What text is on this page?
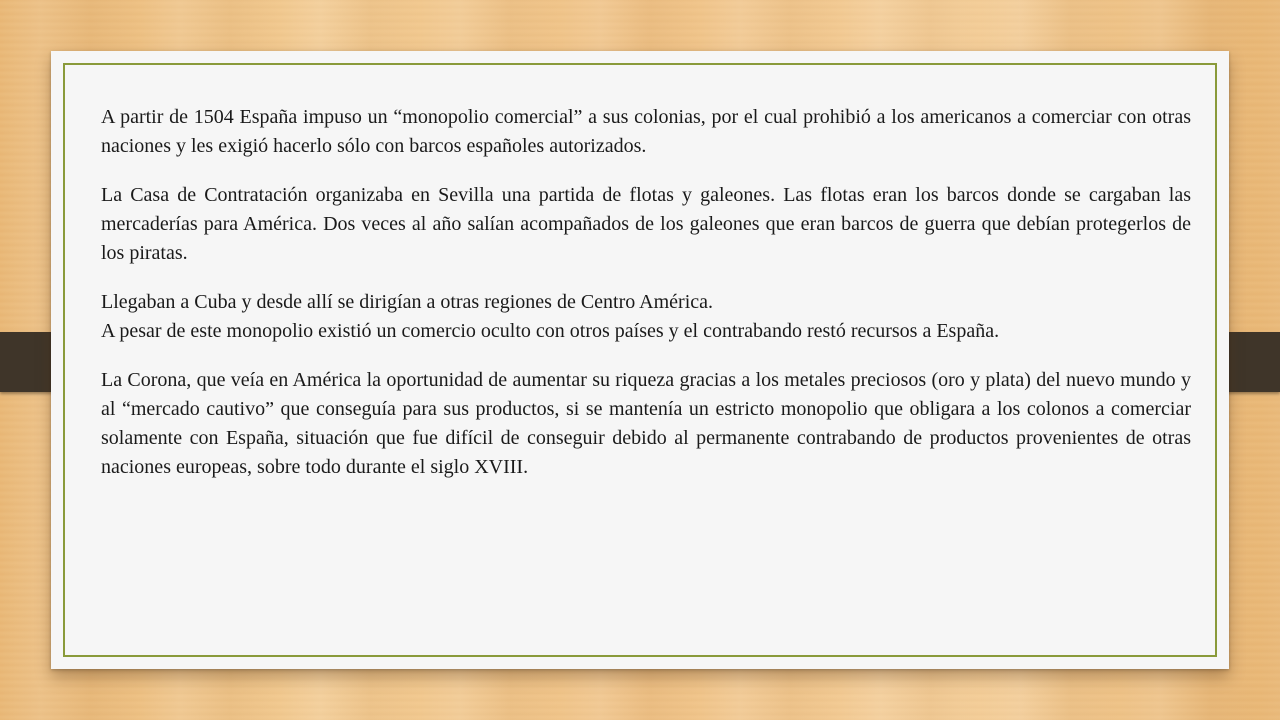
A partir de 1504 España impuso un “monopolio comercial” a sus colonias, por el cual prohibió a los americanos a comerciar con otras naciones y les exigió hacerlo sólo con barcos españoles autorizados.

La Casa de Contratación organizaba en Sevilla una partida de flotas y galeones. Las flotas eran los barcos donde se cargaban las mercaderías para América. Dos veces al año salían acompañados de los galeones que eran barcos de guerra que debían protegerlos de los piratas.

Llegaban a Cuba y desde allí se dirigían a otras regiones de Centro América.

A pesar de este monopolio existió un comercio oculto con otros países y el contrabando restó recursos a España.

La Corona, que veía en América la oportunidad de aumentar su riqueza gracias a los metales preciosos (oro y plata) del nuevo mundo y al “mercado cautivo” que conseguía para sus productos, si se mantenía un estricto monopolio que obligara a los colonos a comerciar solamente con España, situación que fue difícil de conseguir debido al permanente contrabando de productos provenientes de otras naciones europeas, sobre todo durante el siglo XVIII.
